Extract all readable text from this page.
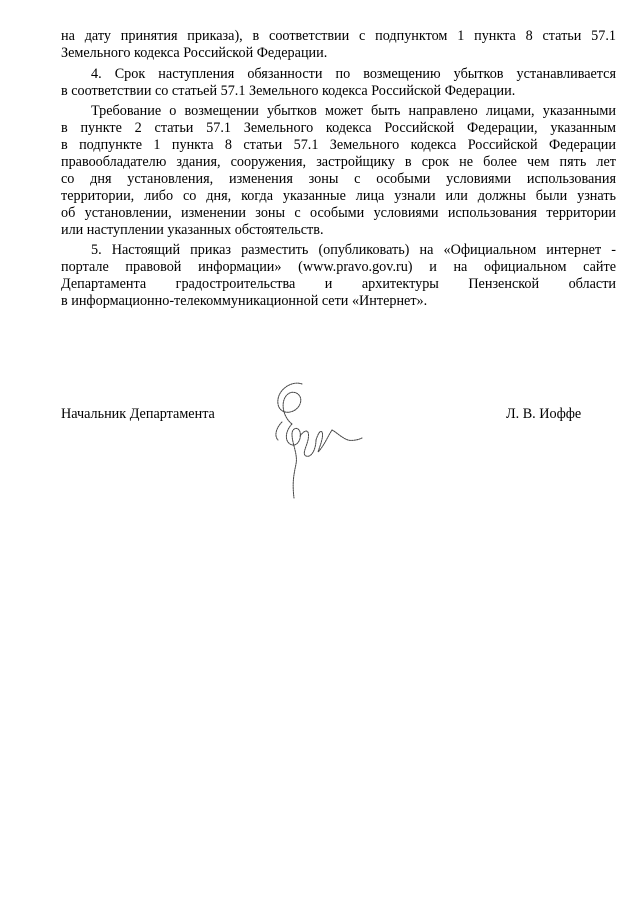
на дату принятия приказа), в соответствии с подпунктом 1 пункта 8 статьи 57.1
Земельного кодекса Российской Федерации.
4. Срок наступления обязанности по возмещению убытков устанавливается
в соответствии со статьей 57.1 Земельного кодекса Российской Федерации.
Требование о возмещении убытков может быть направлено лицами, указанными
в пункте 2 статьи 57.1 Земельного кодекса Российской Федерации, указанным
в подпункте 1 пункта 8 статьи 57.1 Земельного кодекса Российской Федерации
правообладателю здания, сооружения, застройщику в срок не более чем пять лет
со дня установления, изменения зоны с особыми условиями использования
территории, либо со дня, когда указанные лица узнали или должны были узнать
об установлении, изменении зоны с особыми условиями использования территории
или наступлении указанных обстоятельств.
5. Настоящий приказ разместить (опубликовать) на «Официальном интернет -
портале правовой информации» (www.pravo.gov.ru) и на официальном сайте
Департамента градостроительства и архитектуры Пензенской области
в информационно-телекоммуникационной сети «Интернет».
Начальник Департамента	Л. В. Иоффе
